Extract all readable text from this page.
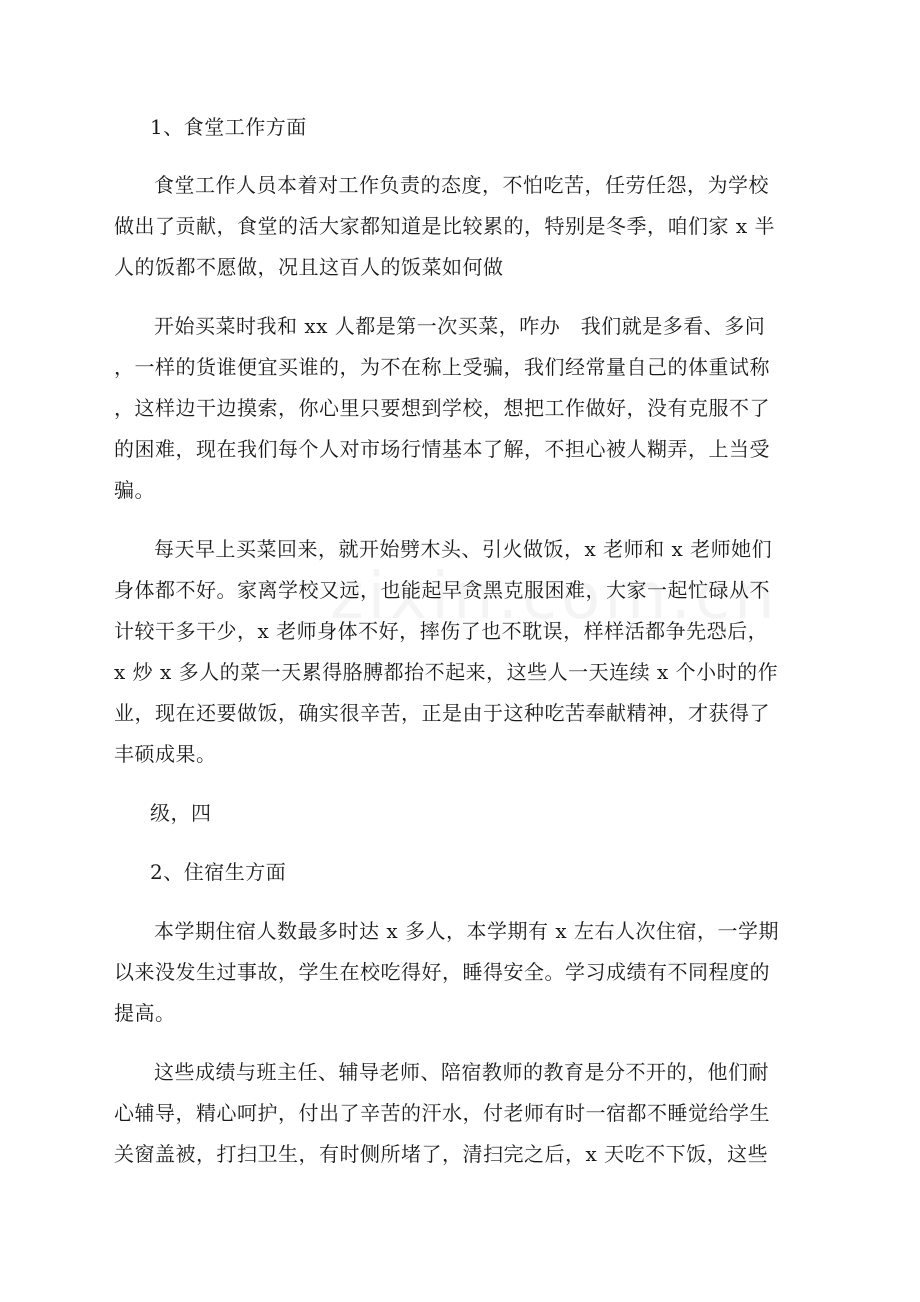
1、食堂工作方面
食堂工作人员本着对工作负责的态度，不怕吃苦，任劳任怨，为学校
做出了贡献，食堂的活大家都知道是比较累的，特别是冬季，咱们家 x 半
人的饭都不愿做，况且这百人的饭菜如何做
开始买菜时我和 xx 人都是第一次买菜，咋办　我们就是多看、多问
，一样的货谁便宜买谁的，为不在称上受骗，我们经常量自己的体重试称
，这样边干边摸索，你心里只要想到学校，想把工作做好，没有克服不了
的困难，现在我们每个人对市场行情基本了解，不担心被人糊弄，上当受
骗。
每天早上买菜回来，就开始劈木头、引火做饭，x 老师和 x 老师她们
身体都不好。家离学校又远，也能起早贪黑克服困难，大家一起忙碌从不
计较干多干少，x 老师身体不好，摔伤了也不耽误，样样活都争先恐后，
x 炒 x 多人的菜一天累得胳膊都抬不起来，这些人一天连续 x 个小时的作
业，现在还要做饭，确实很辛苦，正是由于这种吃苦奉献精神，才获得了
丰硕成果。
级，四
2、住宿生方面
本学期住宿人数最多时达 x 多人，本学期有 x 左右人次住宿，一学期
以来没发生过事故，学生在校吃得好，睡得安全。学习成绩有不同程度的
提高。
这些成绩与班主任、辅导老师、陪宿教师的教育是分不开的，他们耐
心辅导，精心呵护，付出了辛苦的汗水，付老师有时一宿都不睡觉给学生
关窗盖被，打扫卫生，有时侧所堵了，清扫完之后，x 天吃不下饭，这些
